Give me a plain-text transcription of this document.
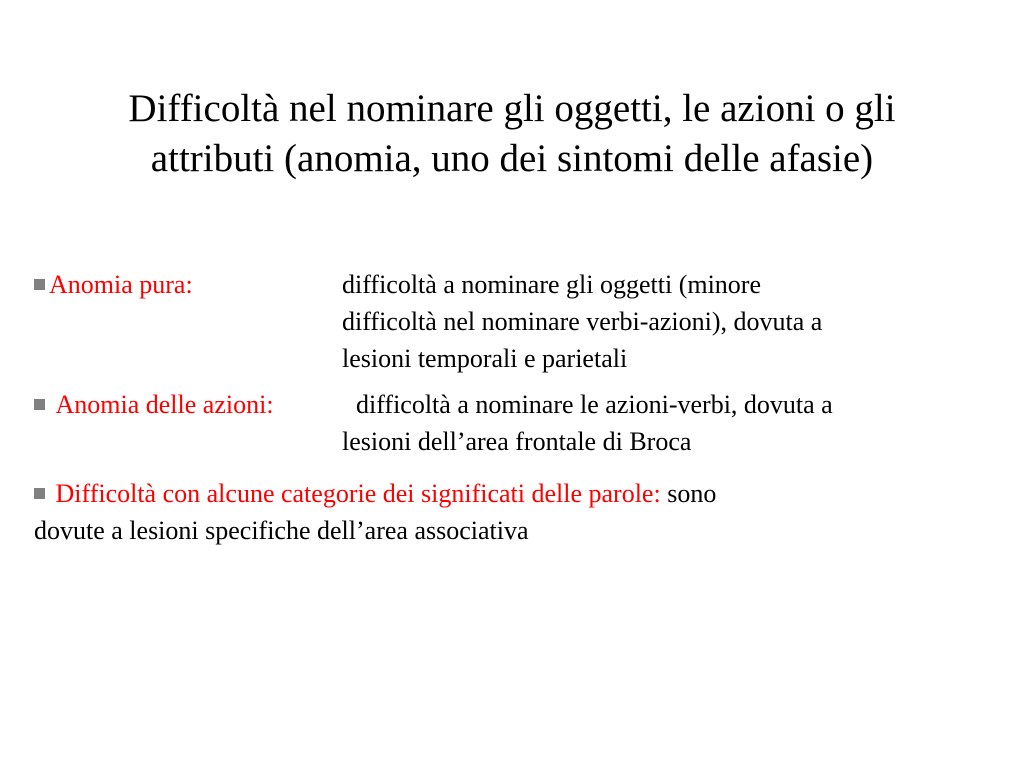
Difficoltà nel nominare gli oggetti, le azioni o gli
attributi (anomia, uno dei sintomi delle afasie)
Anomia pura:	difficoltà a nominare gli oggetti (minore
difficoltà nel nominare verbi-azioni), dovuta a
lesioni temporali e parietali
Anomia delle azioni:	difficoltà a nominare le azioni-verbi, dovuta a
lesioni dell’area frontale di Broca
Difficoltà con alcune categorie dei significati delle parole: sono
dovute a lesioni specifiche dell’area associativa
